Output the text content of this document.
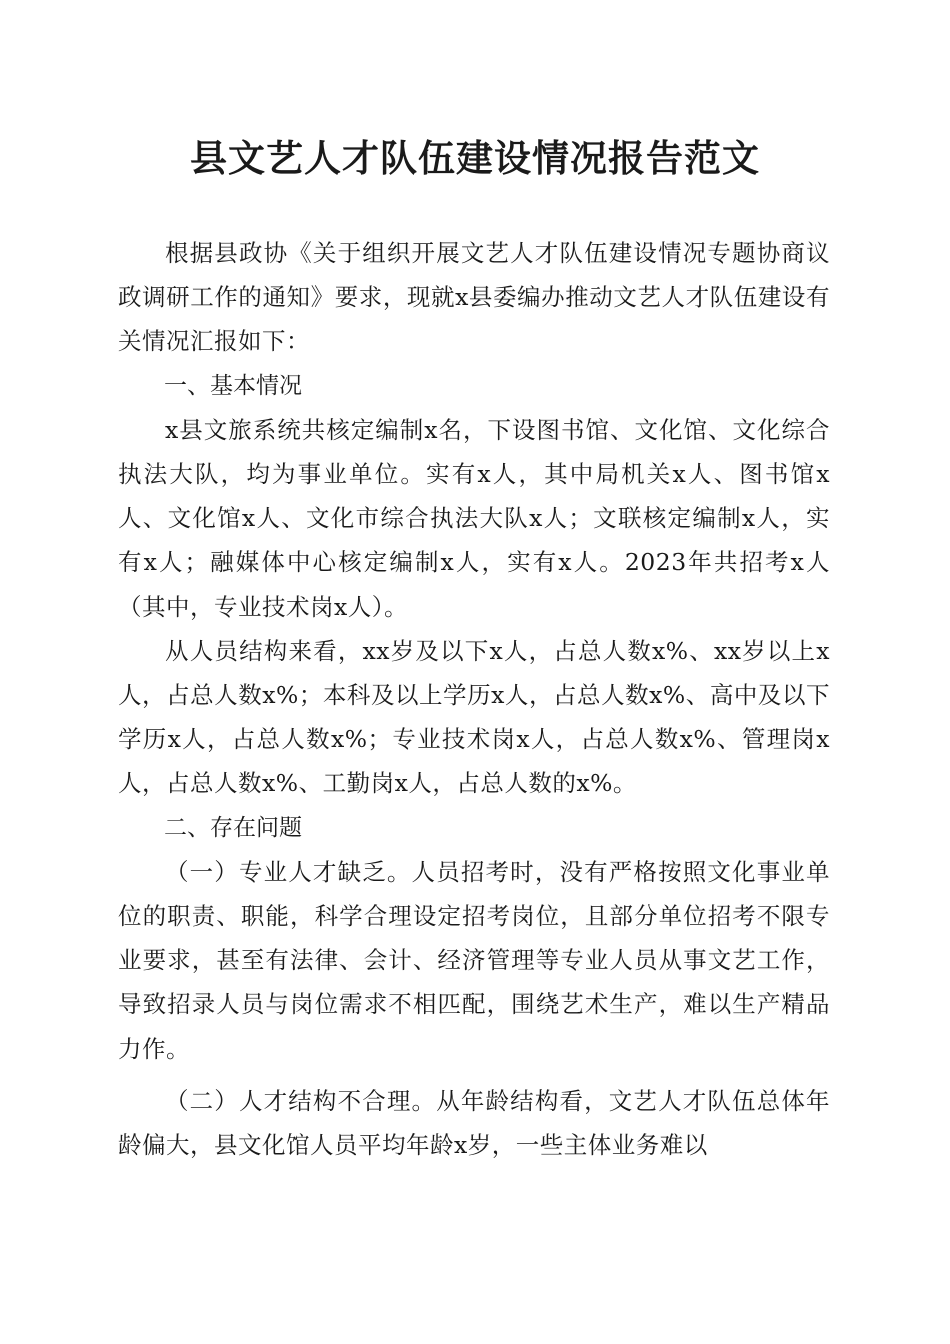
县文艺人才队伍建设情况报告范文

根据县政协《关于组织开展文艺人才队伍建设情况专题协商议政调研工作的通知》要求，现就x县委编办推动文艺人才队伍建设有关情况汇报如下：

一、基本情况

x县文旅系统共核定编制x名，下设图书馆、文化馆、文化综合执法大队，均为事业单位。实有x人，其中局机关x人、图书馆x人、文化馆x人、文化市综合执法大队x人；文联核定编制x人，实有x人；融媒体中心核定编制x人，实有x人。2023年共招考x人（其中，专业技术岗x人）。

从人员结构来看，xx岁及以下x人，占总人数x%、xx岁以上x人，占总人数x%；本科及以上学历x人，占总人数x%、高中及以下学历x人，占总人数x%；专业技术岗x人，占总人数x%、管理岗x人，占总人数x%、工勤岗x人，占总人数的x%。

二、存在问题

（一）专业人才缺乏。人员招考时，没有严格按照文化事业单位的职责、职能，科学合理设定招考岗位，且部分单位招考不限专业要求，甚至有法律、会计、经济管理等专业人员从事文艺工作，导致招录人员与岗位需求不相匹配，围绕艺术生产，难以生产精品力作。

（二）人才结构不合理。从年龄结构看，文艺人才队伍总体年龄偏大，县文化馆人员平均年龄x岁，一些主体业务难以
